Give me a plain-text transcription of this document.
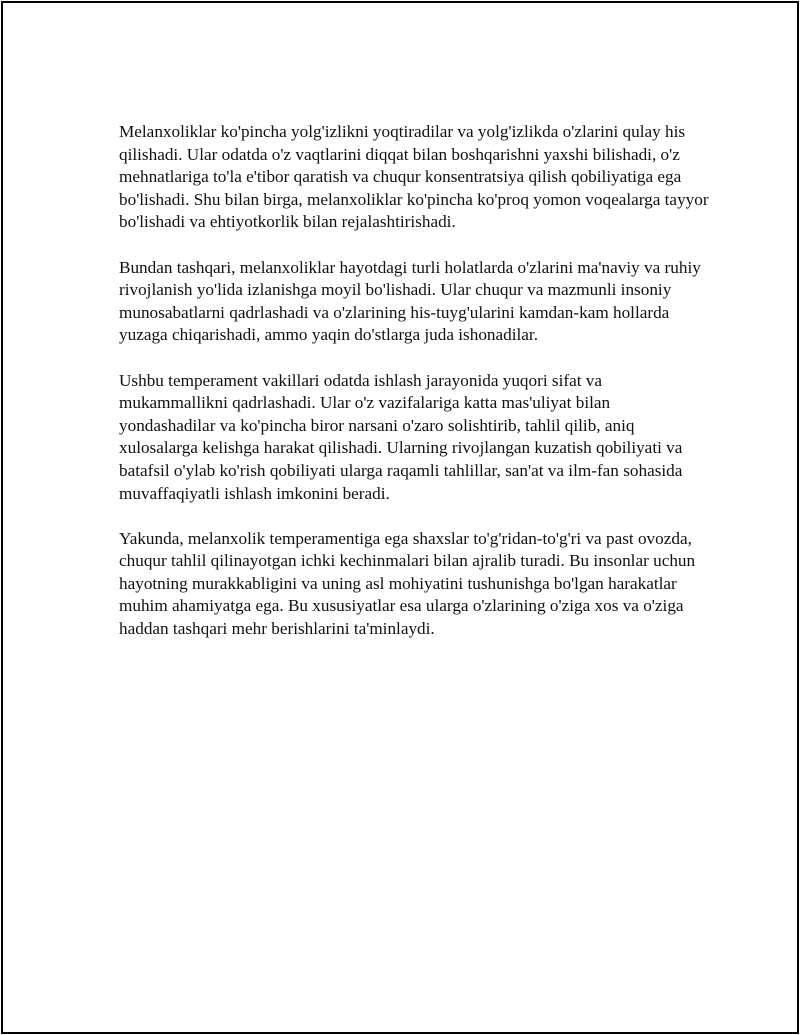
Melanxoliklar ko'pincha yolg'izlikni yoqtiradilar va yolg'izlikda o'zlarini qulay his qilishadi. Ular odatda o'z vaqtlarini diqqat bilan boshqarishni yaxshi bilishadi, o'z mehnatlariga to'la e'tibor qaratish va chuqur konsentratsiya qilish qobiliyatiga ega bo'lishadi. Shu bilan birga, melanxoliklar ko'pincha ko'proq yomon voqealarga tayyor bo'lishadi va ehtiyotkorlik bilan rejalashtirishadi.

Bundan tashqari, melanxoliklar hayotdagi turli holatlarda o'zlarini ma'naviy va ruhiy rivojlanish yo'lida izlanishga moyil bo'lishadi. Ular chuqur va mazmunli insoniy munosabatlarni qadrlashadi va o'zlarining his-tuyg'ularini kamdan-kam hollarda yuzaga chiqarishadi, ammo yaqin do'stlarga juda ishonadilar.

Ushbu temperament vakillari odatda ishlash jarayonida yuqori sifat va mukammallikni qadrlashadi. Ular o'z vazifalariga katta mas'uliyat bilan yondashadilar va ko'pincha biror narsani o'zaro solishtirib, tahlil qilib, aniq xulosalarga kelishga harakat qilishadi. Ularning rivojlangan kuzatish qobiliyati va batafsil o'ylab ko'rish qobiliyati ularga raqamli tahlillar, san'at va ilm-fan sohasida muvaffaqiyatli ishlash imkonini beradi.

Yakunda, melanxolik temperamentiga ega shaxslar to'g'ridan-to'g'ri va past ovozda, chuqur tahlil qilinayotgan ichki kechinmalari bilan ajralib turadi. Bu insonlar uchun hayotning murakkabligini va uning asl mohiyatini tushunishga bo'lgan harakatlar muhim ahamiyatga ega. Bu xususiyatlar esa ularga o'zlarining o'ziga xos va o'ziga haddan tashqari mehr berishlarini ta'minlaydi.
